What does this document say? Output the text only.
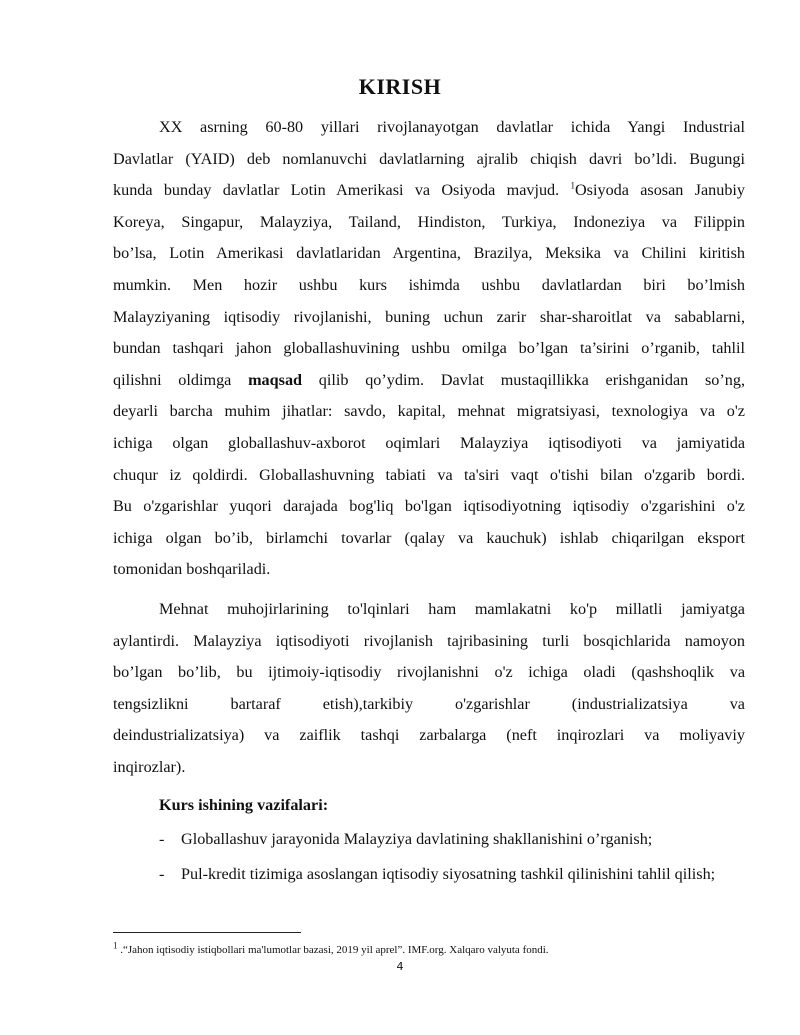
KIRISH
XX asrning 60-80 yillari rivojlanayotgan davlatlar ichida Yangi Industrial
Davlatlar (YAID) deb nomlanuvchi davlatlarning ajralib chiqish davri bo’ldi. Bugungi
kunda bunday davlatlar Lotin Amerikasi va Osiyoda mavjud. $^1$Osiyoda asosan Janubiy
Koreya, Singapur, Malayziya, Tailand, Hindiston, Turkiya, Indoneziya va Filippin
bo’lsa, Lotin Amerikasi davlatlaridan Argentina, Brazilya, Meksika va Chilini kiritish
mumkin. Men hozir ushbu kurs ishimda ushbu davlatlardan biri bo’lmish
Malayziyaning iqtisodiy rivojlanishi, buning uchun zarir shar-sharoitlat va sabablarni,
bundan tashqari jahon globallashuvining ushbu omilga bo’lgan ta’sirini o’rganib, tahlil
qilishni oldimga maqsad qilib qo’ydim. Davlat mustaqillikka erishganidan so’ng,
deyarli barcha muhim jihatlar: savdo, kapital, mehnat migratsiyasi, texnologiya va o'z
ichiga olgan globallashuv-axborot oqimlari Malayziya iqtisodiyoti va jamiyatida
chuqur iz qoldirdi. Globallashuvning tabiati va ta'siri vaqt o'tishi bilan o'zgarib bordi.
Bu o'zgarishlar yuqori darajada bog'liq bo'lgan iqtisodiyotning iqtisodiy o'zgarishini o'z
ichiga olgan bo’ib, birlamchi tovarlar (qalay va kauchuk) ishlab chiqarilgan eksport
tomonidan boshqariladi.
Mehnat muhojirlarining to'lqinlari ham mamlakatni ko'p millatli jamiyatga
aylantirdi. Malayziya iqtisodiyoti rivojlanish tajribasining turli bosqichlarida namoyon
bo’lgan bo’lib, bu ijtimoiy-iqtisodiy rivojlanishni o'z ichiga oladi (qashshoqlik va
tengsizlikni bartaraf etish),tarkibiy o'zgarishlar (industrializatsiya va
deindustrializatsiya) va zaiflik tashqi zarbalarga (neft inqirozlari va moliyaviy
inqirozlar).
Kurs ishining vazifalari:
- Globallashuv jarayonida Malayziya davlatining shakllanishini o’rganish;
- Pul-kredit tizimiga asoslangan iqtisodiy siyosatning tashkil qilinishini tahlil qilish;
$^1$ .“Jahon iqtisodiy istiqbollari ma'lumotlar bazasi, 2019 yil aprel”. IMF.org. Xalqaro valyuta fondi.
4
